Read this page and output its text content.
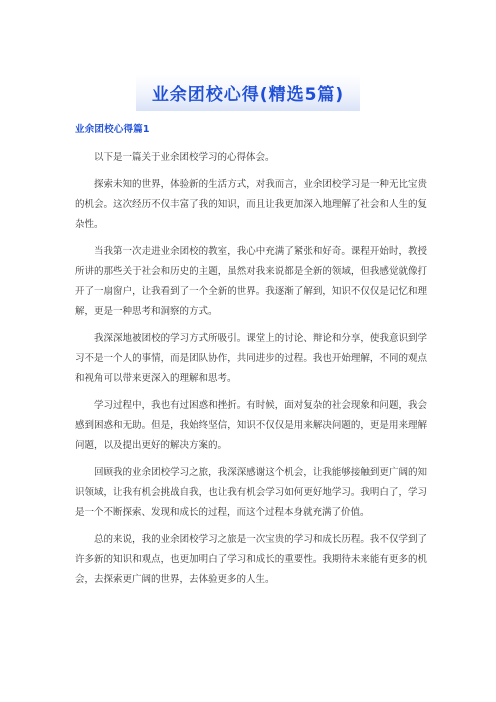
业余团校心得(精选5篇)
业余团校心得篇1

以下是一篇关于业余团校学习的心得体会。

探索未知的世界，体验新的生活方式，对我而言，业余团校学习是一种无比宝贵的机会。这次经历不仅丰富了我的知识，而且让我更加深入地理解了社会和人生的复杂性。

当我第一次走进业余团校的教室，我心中充满了紧张和好奇。课程开始时，教授所讲的那些关于社会和历史的主题，虽然对我来说都是全新的领域，但我感觉就像打开了一扇窗户，让我看到了一个全新的世界。我逐渐了解到，知识不仅仅是记忆和理解，更是一种思考和洞察的方式。

我深深地被团校的学习方式所吸引。课堂上的讨论、辩论和分享，使我意识到学习不是一个人的事情，而是团队协作，共同进步的过程。我也开始理解，不同的观点和视角可以带来更深入的理解和思考。

学习过程中，我也有过困惑和挫折。有时候，面对复杂的社会现象和问题，我会感到困惑和无助。但是，我始终坚信，知识不仅仅是用来解决问题的，更是用来理解问题，以及提出更好的解决方案的。

回顾我的业余团校学习之旅，我深深感谢这个机会，让我能够接触到更广阔的知识领域，让我有机会挑战自我，也让我有机会学习如何更好地学习。我明白了，学习是一个不断探索、发现和成长的过程，而这个过程本身就充满了价值。

总的来说，我的业余团校学习之旅是一次宝贵的学习和成长历程。我不仅学到了许多新的知识和观点，也更加明白了学习和成长的重要性。我期待未来能有更多的机会，去探索更广阔的世界，去体验更多的人生。
